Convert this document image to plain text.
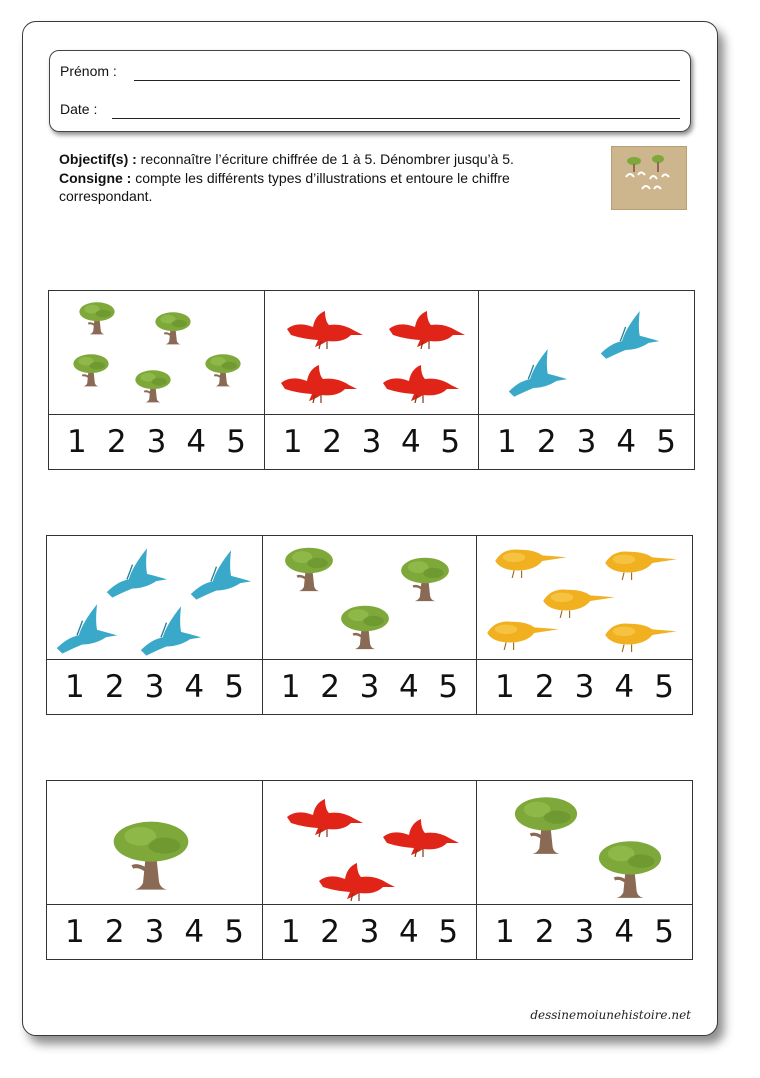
Prénom :
Date :
Objectif(s) : reconnaître l’écriture chiffrée de 1 à 5. Dénombrer jusqu’à 5.
Consigne : compte les différents types d’illustrations et entoure le chiffre correspondant.
1 2 3 4 5 1 2 3 4 5 1 2 3 4 5
1 2 3 4 5 1 2 3 4 5 1 2 3 4 5
1 2 3 4 5 1 2 3 4 5 1 2 3 4 5
dessinemoiunehistoire.net
